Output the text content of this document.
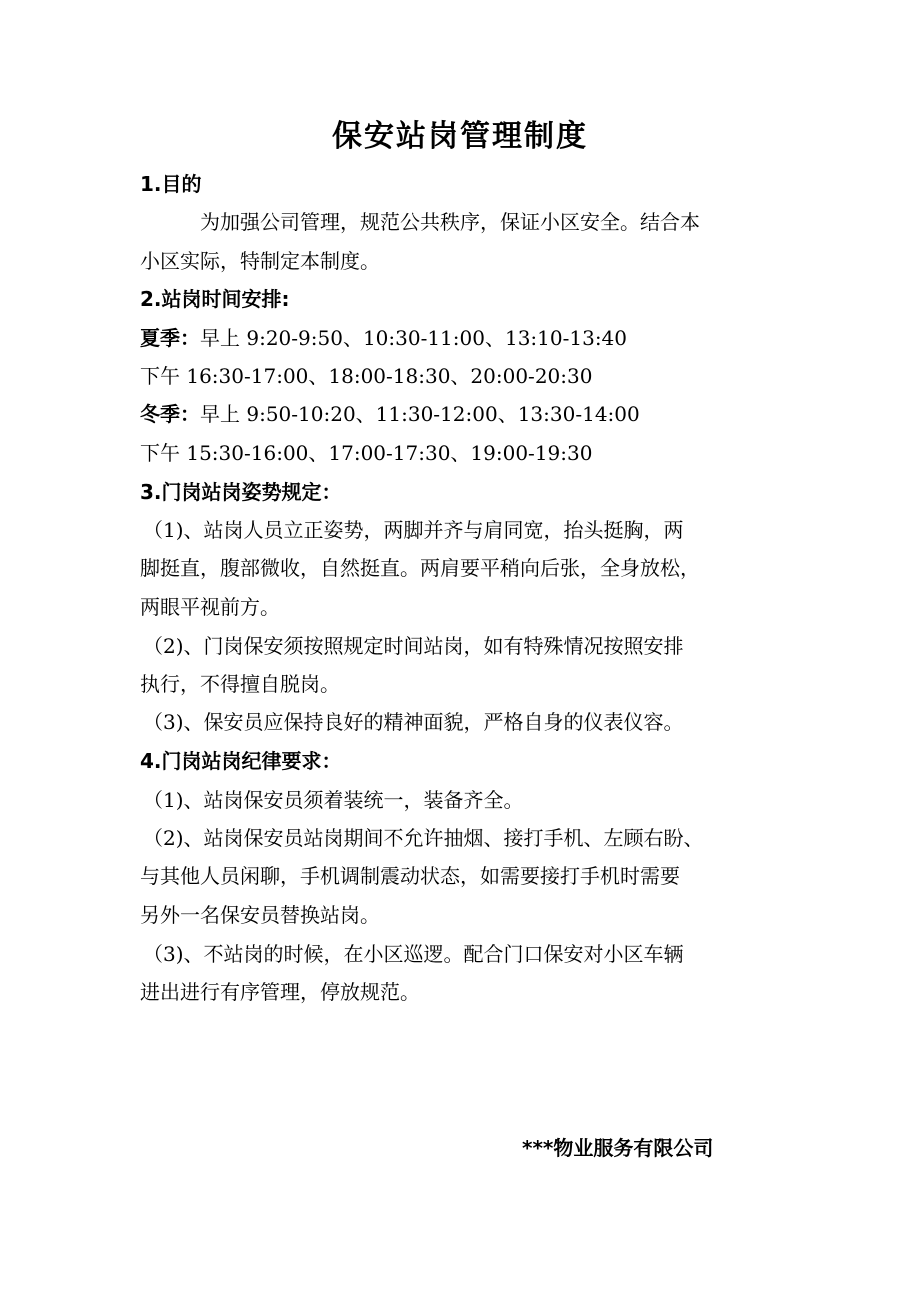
保安站岗管理制度
1.目的
为加强公司管理，规范公共秩序，保证小区安全。结合本
小区实际，特制定本制度。
2.站岗时间安排:
夏季：早上 9:20-9:50、10:30-11:00、13:10-13:40
下午 16:30-17:00、18:00-18:30、20:00-20:30
冬季：早上 9:50-10:20、11:30-12:00、13:30-14:00
下午 15:30-16:00、17:00-17:30、19:00-19:30
3.门岗站岗姿势规定：
（1)、站岗人员立正姿势，两脚并齐与肩同宽，抬头挺胸，两
脚挺直，腹部微收，自然挺直。两肩要平稍向后张，全身放松，
两眼平视前方。
（2)、门岗保安须按照规定时间站岗，如有特殊情况按照安排
执行，不得擅自脱岗。
（3)、保安员应保持良好的精神面貌，严格自身的仪表仪容。
4.门岗站岗纪律要求：
（1)、站岗保安员须着装统一，装备齐全。
（2)、站岗保安员站岗期间不允许抽烟、接打手机、左顾右盼、
与其他人员闲聊，手机调制震动状态，如需要接打手机时需要
另外一名保安员替换站岗。
（3)、不站岗的时候，在小区巡逻。配合门口保安对小区车辆
进出进行有序管理，停放规范。
***物业服务有限公司
